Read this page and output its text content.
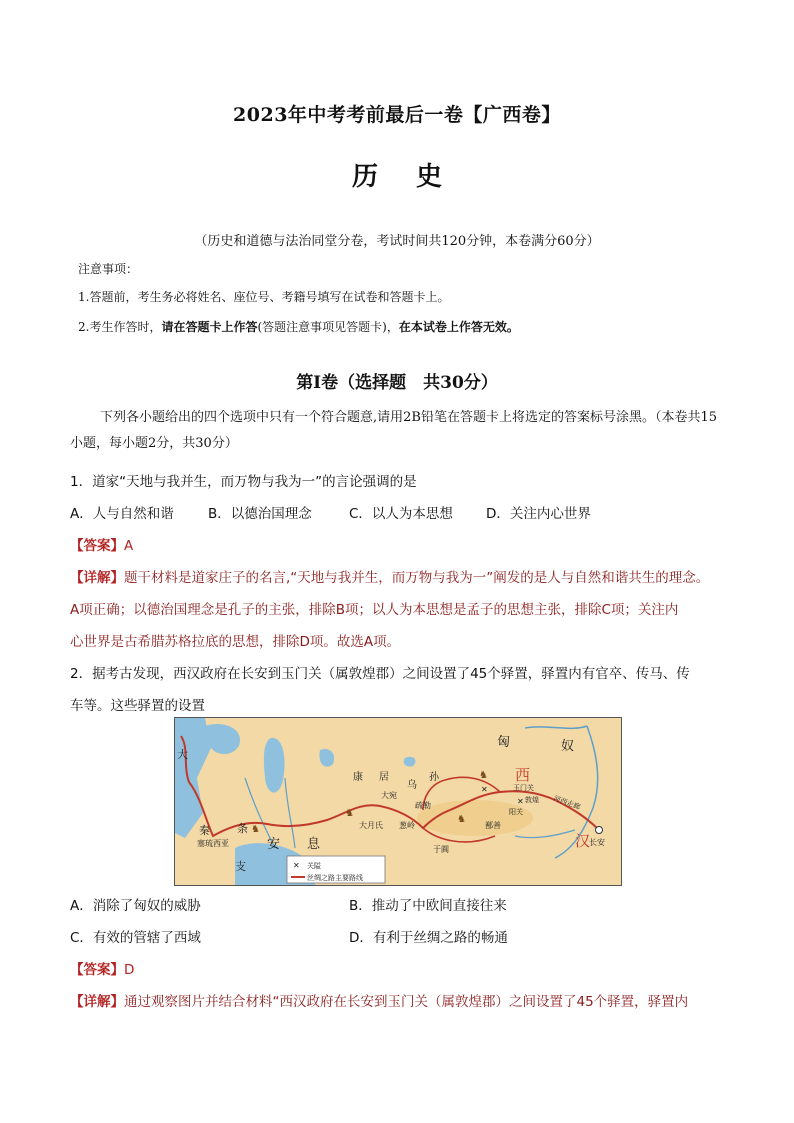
2023年中考考前最后一卷【广西卷】
历史
（历史和道德与法治同堂分卷，考试时间共120分钟，本卷满分60分）
注意事项：
1.答题前，考生务必将姓名、座位号、考籍号填写在试卷和答题卡上。
2.考生作答时，请在答题卡上作答(答题注意事项见答题卡)，在本试卷上作答无效。
第Ⅰ卷（选择题　共30分）
下列各小题给出的四个选项中只有一个符合题意,请用2B铅笔在答题卡上将选定的答案标号涂黑。（本卷共15小题，每小题2分，共30分）
1．道家“天地与我并生，而万物与我为一”的言论强调的是
A．人与自然和谐	B．以德治国理念	C．以人为本思想 D．关注内心世界
【答案】A
【详解】题干材料是道家庄子的名言,“天地与我并生，而万物与我为一”阐发的是人与自然和谐共生的理念。
A项正确；以德治国理念是孔子的主张，排除B项；以人为本思想是孟子的思想主张，排除C项；关注内
心世界是古希腊苏格拉底的思想，排除D项。故选A项。
2．据考古发现，西汉政府在长安到玉门关（属敦煌郡）之间设置了45个驿置，驿置内有官卒、传马、传
车等。这些驿置的设置
✕
✕
♞
♞
♞
♞
大
秦 条
支
安 息
塞琉西亚
康 居
乌
孙
大宛
疏勒
大月氏 葱岭
于阗
鄯善
玉门关
敦煌
阳关
河西走廊
长安
匈	奴
西
汉
✕ 关隘
丝绸之路主要路线
A．消除了匈奴的威胁	B．推动了中欧间直接往来
C．有效的管辖了西域	D．有利于丝绸之路的畅通
【答案】D
【详解】通过观察图片并结合材料“西汉政府在长安到玉门关（属敦煌郡）之间设置了45个驿置，驿置内
